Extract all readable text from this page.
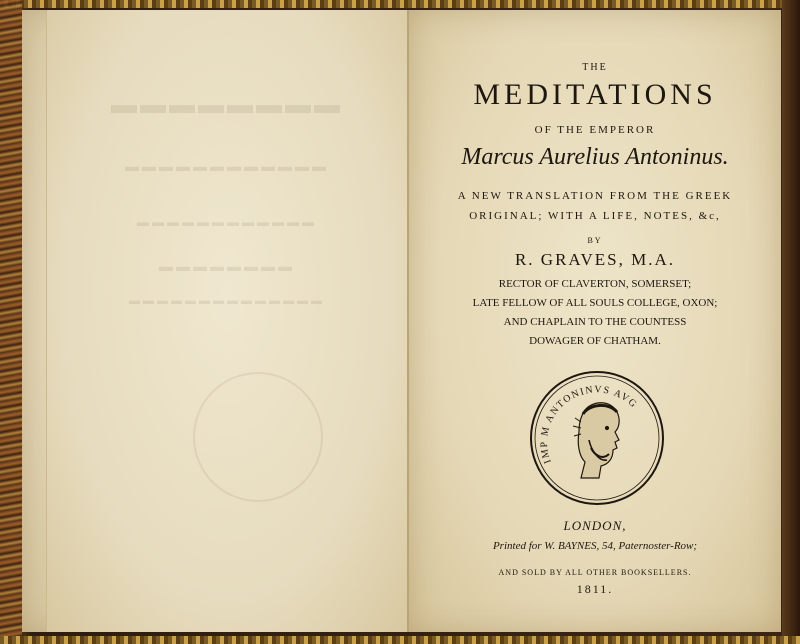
▬▬▬▬▬▬▬▬
▬▬▬▬▬▬▬▬▬▬▬▬
▬▬▬▬▬▬▬▬▬▬▬▬
▬▬▬▬▬▬▬▬
▬▬▬▬▬▬▬▬▬▬▬▬▬▬
THE
MEDITATIONS
OF THE EMPEROR
Marcus Aurelius Antoninus.
A NEW TRANSLATION FROM THE GREEK
ORIGINAL; WITH A LIFE, NOTES, &c,
BY
R. GRAVES, M.A.
RECTOR OF CLAVERTON, SOMERSET;
LATE FELLOW OF ALL SOULS COLLEGE, OXON;
AND CHAPLAIN TO THE COUNTESS
DOWAGER OF CHATHAM.
IMP M ANTONINVS AVG
LONDON,
Printed for W. BAYNES, 54, Paternoster-Row;
AND SOLD BY ALL OTHER BOOKSELLERS.
1811.
